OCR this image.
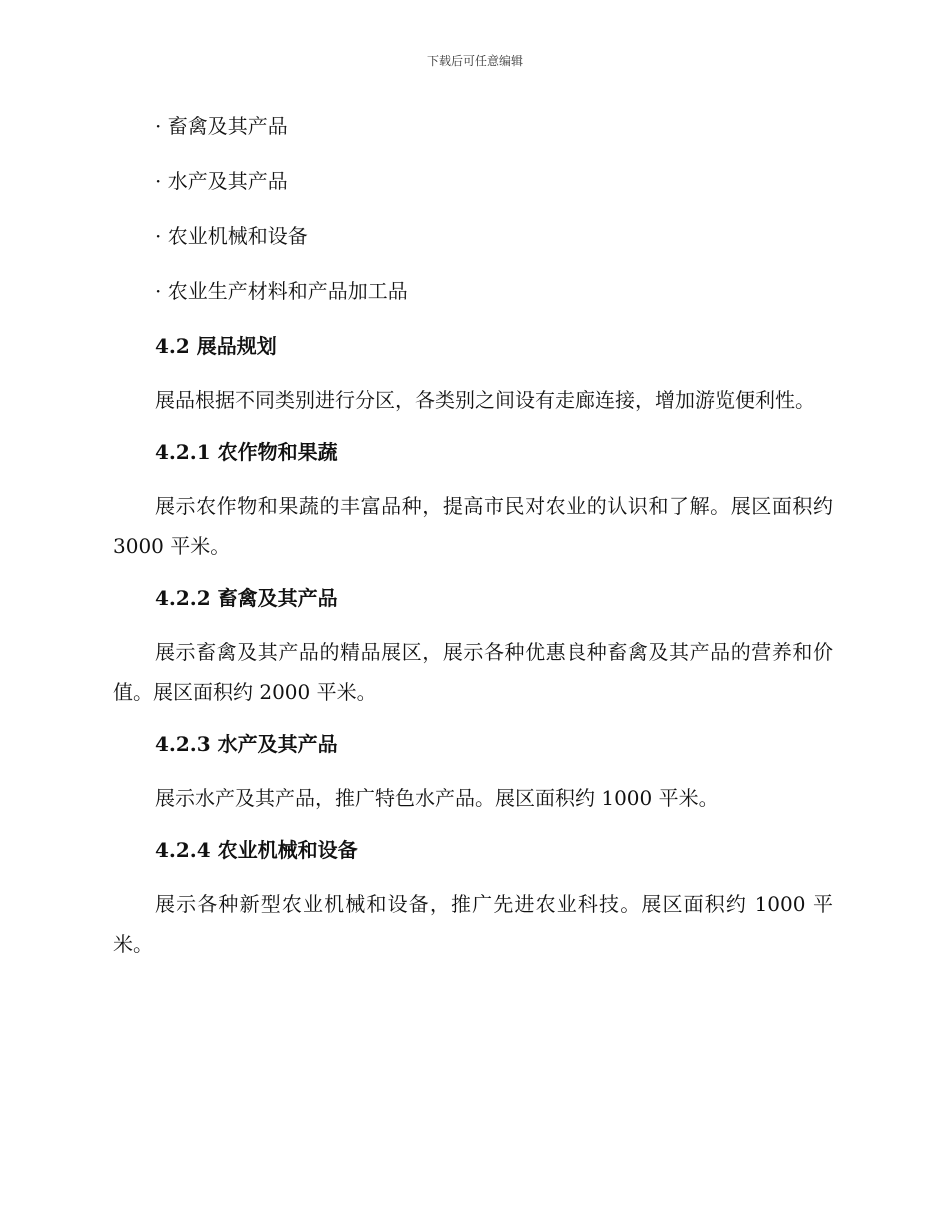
下载后可任意编辑
· 畜禽及其产品
· 水产及其产品
· 农业机械和设备
· 农业生产材料和产品加工品
4.2 展品规划
展品根据不同类别进行分区，各类别之间设有走廊连接，增加游览便利性。
4.2.1 农作物和果蔬
展示农作物和果蔬的丰富品种，提高市民对农业的认识和了解。展区面积约 3000 平米。
4.2.2 畜禽及其产品
展示畜禽及其产品的精品展区，展示各种优惠良种畜禽及其产品的营养和价值。展区面积约 2000 平米。
4.2.3 水产及其产品
展示水产及其产品，推广特色水产品。展区面积约 1000 平米。
4.2.4 农业机械和设备
展示各种新型农业机械和设备，推广先进农业科技。展区面积约 1000 平米。
